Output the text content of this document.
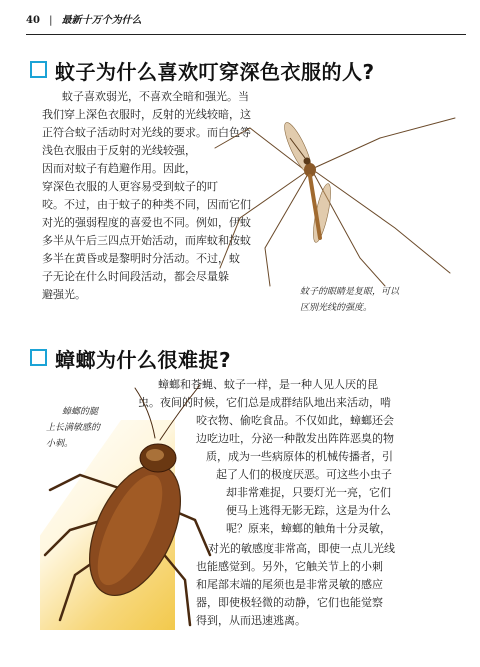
40 | 最新十万个为什么
蚊子为什么喜欢叮穿深色衣服的人?
蚊子喜欢弱光，不喜欢全暗和强光。当
我们穿上深色衣服时，反射的光线较暗，这
正符合蚊子活动时对光线的要求。而白色等
浅色衣服由于反射的光线较强，
因而对蚊子有趋避作用。因此，
穿深色衣服的人更容易受到蚊子的叮
咬。不过，由于蚊子的种类不同，因而它们
对光的强弱程度的喜爱也不同。例如，伊蚊
多半从午后三四点开始活动，而库蚊和按蚊
多半在黄昏或是黎明时分活动。不过，蚊
子无论在什么时间段活动，都会尽量躲
避强光。	蚊子的眼睛是复眼，可以
区别光线的强度。
蟑螂为什么很难捉?
蟑螂和苍蝇、蚊子一样，是一种人见人厌的昆
虫。夜间的时候，它们总是成群结队地出来活动，啃
咬衣物、偷吃食品。不仅如此，蟑螂还会
边吃边吐，分泌一种散发出阵阵恶臭的物
质，成为一些病原体的机械传播者，引
起了人们的极度厌恶。可这些小虫子
却非常难捉，只要灯光一亮，它们
便马上逃得无影无踪，这是为什么
呢？原来，蟑螂的触角十分灵敏，
对光的敏感度非常高，即使一点儿光线
也能感觉到。另外，它触关节上的小刺
和尾部末端的尾须也是非常灵敏的感应
器，即使极轻微的动静，它们也能觉察
得到，从而迅速逃离。
蟑螂的腿
上长满敏感的
小刺。
